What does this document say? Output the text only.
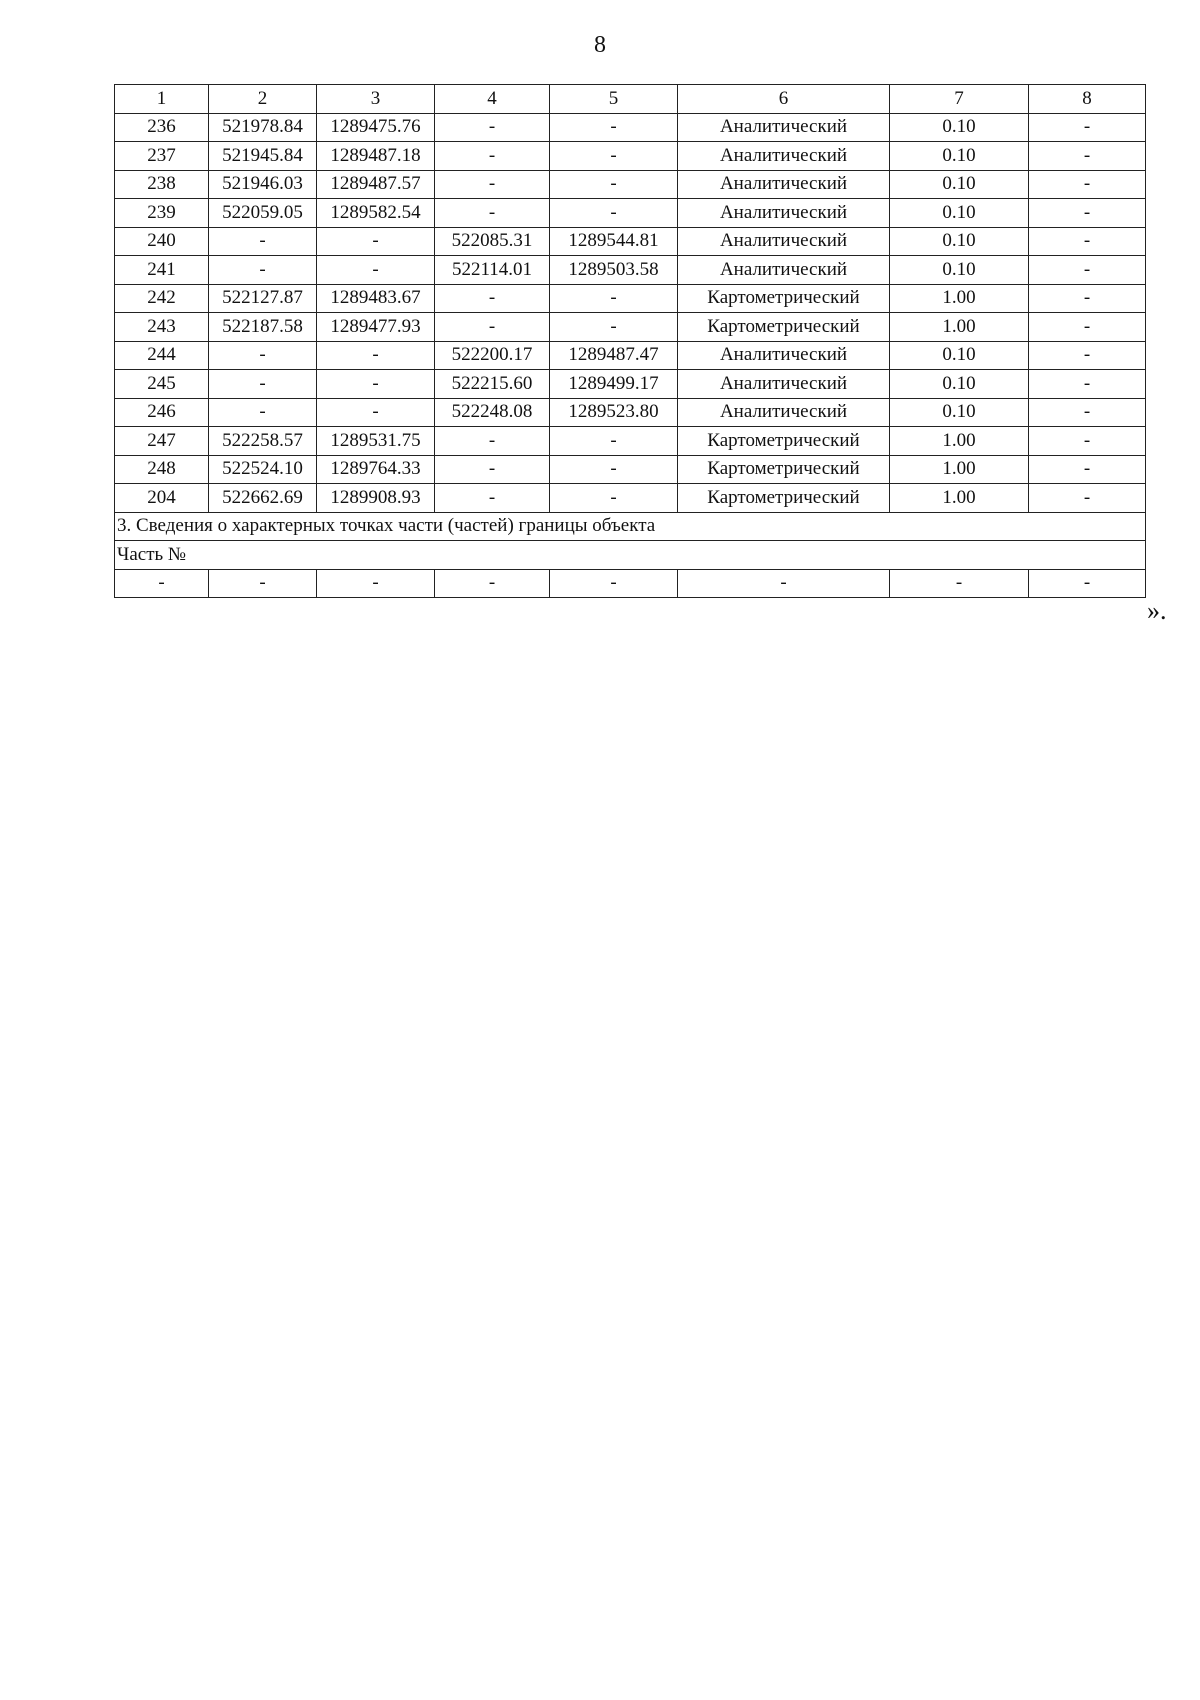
8
1	2	3	4	5	6	7	8
236	521978.84	1289475.76	-	-	Аналитический	0.10	-
237	521945.84	1289487.18	-	-	Аналитический	0.10	-
238	521946.03	1289487.57	-	-	Аналитический	0.10	-
239	522059.05	1289582.54	-	-	Аналитический	0.10	-
240	-	-	522085.31	1289544.81	Аналитический	0.10	-
241	-	-	522114.01	1289503.58	Аналитический	0.10	-
242	522127.87	1289483.67	-	-	Картометрический	1.00	-
243	522187.58	1289477.93	-	-	Картометрический	1.00	-
244	-	-	522200.17	1289487.47	Аналитический	0.10	-
245	-	-	522215.60	1289499.17	Аналитический	0.10	-
246	-	-	522248.08	1289523.80	Аналитический	0.10	-
247	522258.57	1289531.75	-	-	Картометрический	1.00	-
248	522524.10	1289764.33	-	-	Картометрический	1.00	-
204	522662.69	1289908.93	-	-	Картометрический	1.00	-
3. Сведения о характерных точках части (частей) границы объекта							
Часть №							
-	-	-	-	-	-	-	-
».
